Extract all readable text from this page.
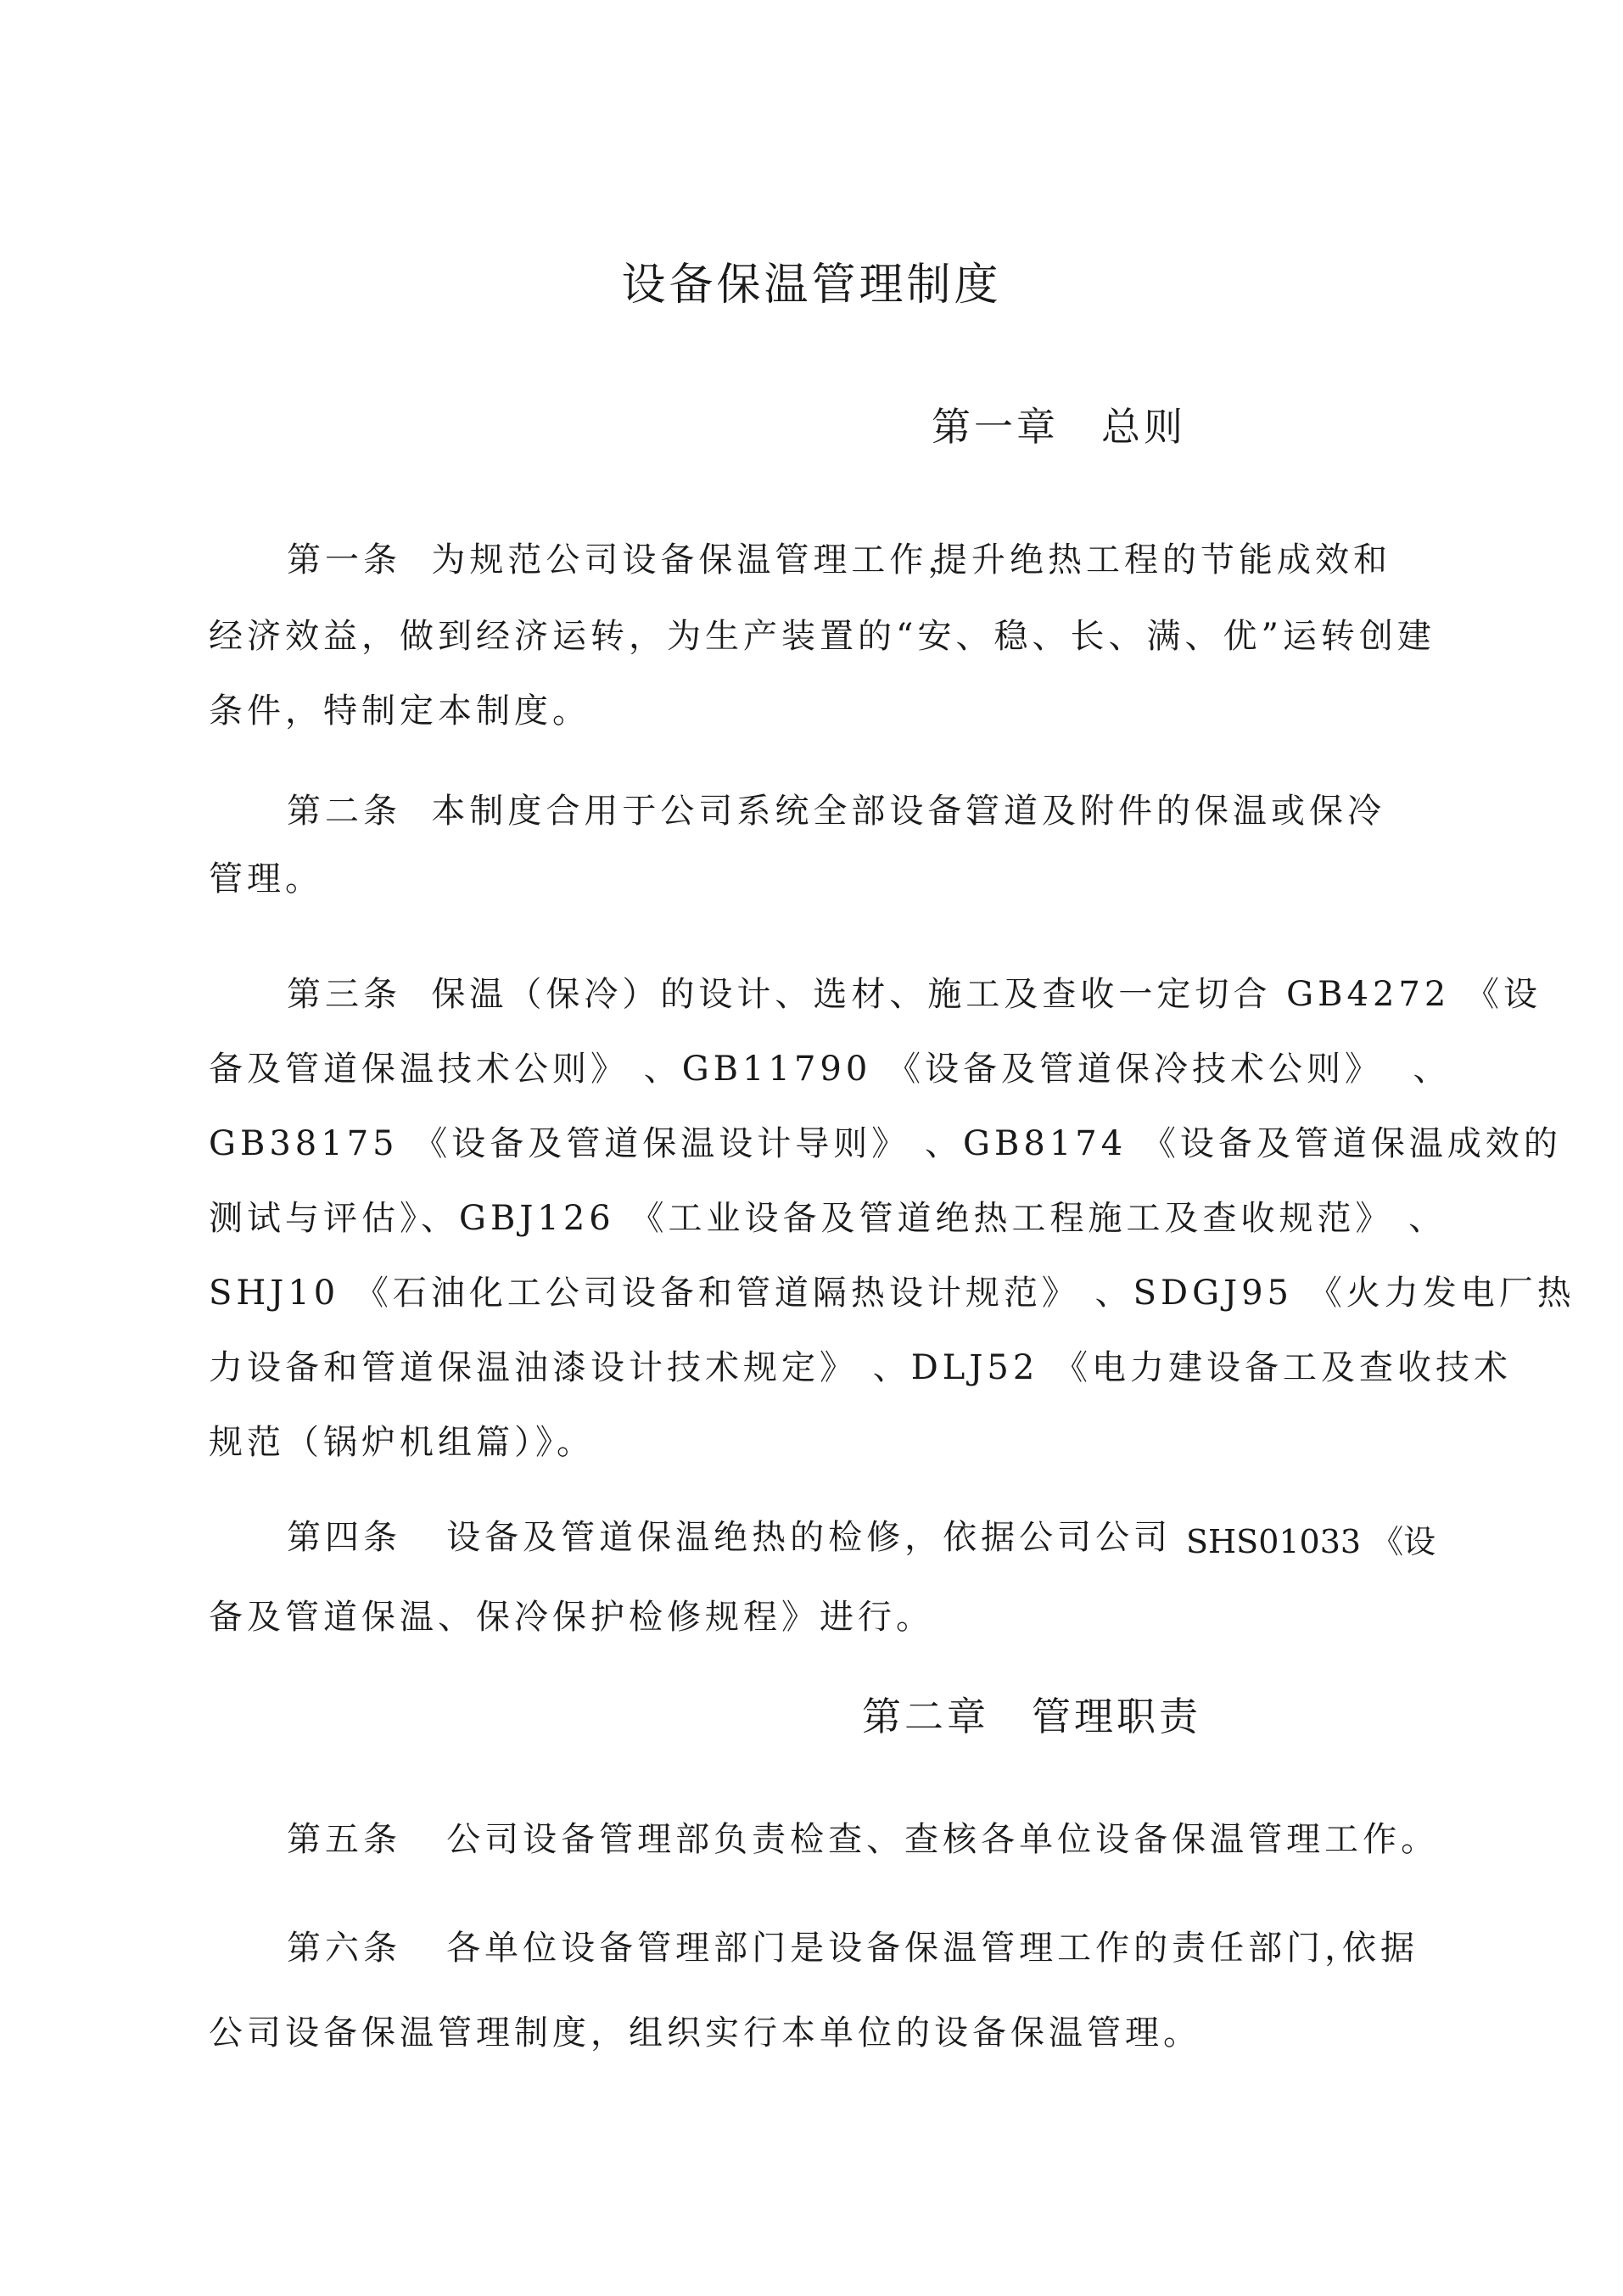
设备保温管理制度
第一章　总则
第一条  为规范公司设备保温管理工作，
提升绝热工程的节能成效和
经济效益，做到经济运转，为生产装置的“安、稳、长、满、优”运转创建
条件，特制定本制度。
第二条  本制度合用于公司系统全部设备、
管道及附件的保温或保冷
管理。
第三条  保温（保冷）的设计、选材、施工及查收一定切合 GB4272 《设
备及管道保温技术公则》 、GB11790 《设备及管道保冷技术公则》  、
GB38175 《设备及管道保温设计导则》 、GB8174 《设备及管道保温成效的
测试与评估》、GBJ126 《工业设备及管道绝热工程施工及查收规范》 、
SHJ10 《石油化工公司设备和管道隔热设计规范》 、SDGJ95 《火力发电厂热
力设备和管道保温油漆设计技术规定》 、DLJ52 《电力建设备工及查收技术
规范（锅炉机组篇）》。
第四条   设备及管道保温绝热的检修，依据公司公司 SHS01033 《设
备及管道保温、保冷保护检修规程》进行。
第二章　管理职责
第五条   公司设备管理部负责检查、查核各单位设备保温管理工作。
第六条   各单位设备管理部门是设备保温管理工作的责任部门，
依据
公司设备保温管理制度，组织实行本单位的设备保温管理。
